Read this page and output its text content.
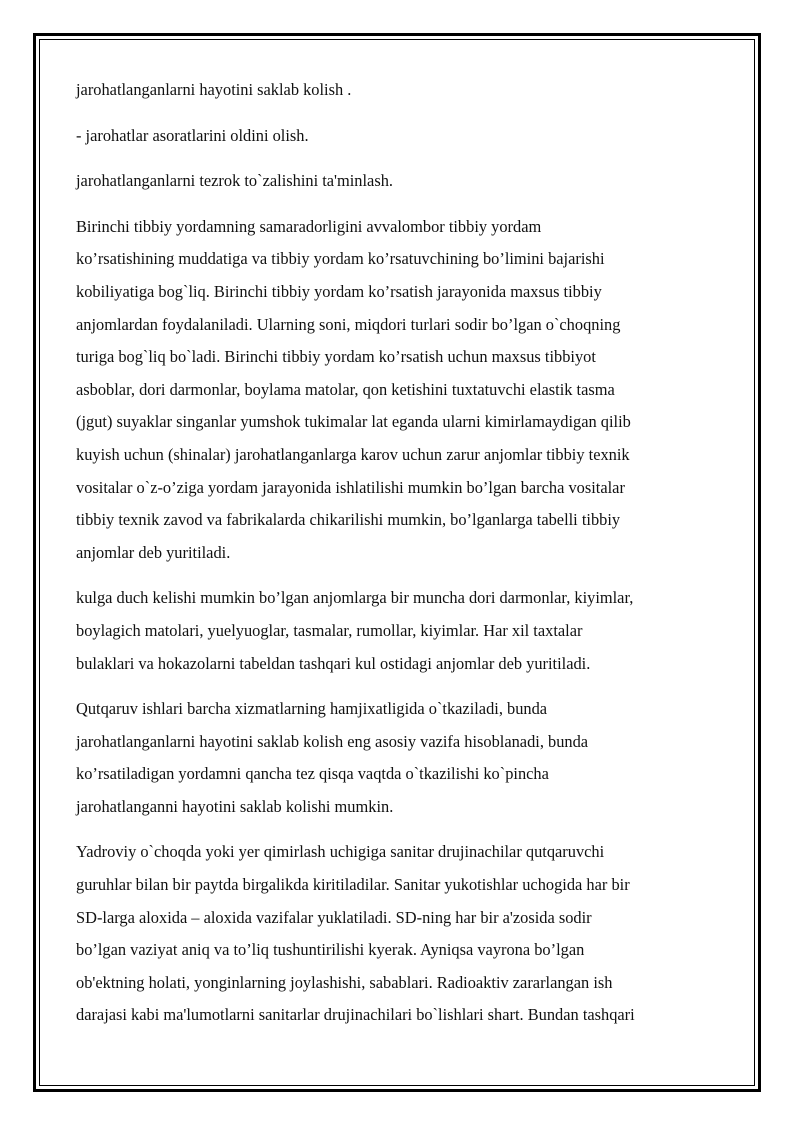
jarohatlanganlarni hayotini saklab kolish .

- jarohatlar asoratlarini oldini olish.

jarohatlanganlarni tezrok to`zalishini ta'minlash.

Birinchi tibbiy yordamning samaradorligini avvalombor tibbiy yordam
ko’rsatishining muddatiga va tibbiy yordam ko’rsatuvchining bo’limini bajarishi
kobiliyatiga bog`liq. Birinchi tibbiy yordam ko’rsatish jarayonida maxsus tibbiy
anjomlardan foydalaniladi. Ularning soni, miqdori turlari sodir bo’lgan o`choqning
turiga bog`liq bo`ladi. Birinchi tibbiy yordam ko’rsatish uchun maxsus tibbiyot
asboblar, dori darmonlar, boylama matolar, qon ketishini tuxtatuvchi elastik tasma
(jgut) suyaklar singanlar yumshok tukimalar lat eganda ularni kimirlamaydigan qilib
kuyish uchun (shinalar) jarohatlanganlarga karov uchun zarur anjomlar tibbiy texnik
vositalar o`z-o’ziga yordam jarayonida ishlatilishi mumkin bo’lgan barcha vositalar
tibbiy texnik zavod va fabrikalarda chikarilishi mumkin, bo’lganlarga tabelli tibbiy
anjomlar deb yuritiladi.

kulga duch kelishi mumkin bo’lgan anjomlarga bir muncha dori darmonlar, kiyimlar,
boylagich matolari, yuelyuoglar, tasmalar, rumollar, kiyimlar. Har xil taxtalar
bulaklari va hokazolarni tabeldan tashqari kul ostidagi anjomlar deb yuritiladi.

Qutqaruv ishlari barcha xizmatlarning hamjixatligida o`tkaziladi, bunda
jarohatlanganlarni hayotini saklab kolish eng asosiy vazifa hisoblanadi, bunda
ko’rsatiladigan yordamni qancha tez qisqa vaqtda o`tkazilishi ko`pincha
jarohatlanganni hayotini saklab kolishi mumkin.

Yadroviy o`choqda yoki yer qimirlash uchigiga sanitar drujinachilar qutqaruvchi
guruhlar bilan bir paytda birgalikda kiritiladilar. Sanitar yukotishlar uchogida har bir
SD-larga aloxida – aloxida vazifalar yuklatiladi. SD-ning har bir a'zosida sodir
bo’lgan vaziyat aniq va to’liq tushuntirilishi kyerak. Ayniqsa vayrona bo’lgan
ob'ektning holati, yonginlarning joylashishi, sabablari. Radioaktiv zararlangan ish
darajasi kabi ma'lumotlarni sanitarlar drujinachilari bo`lishlari shart. Bundan tashqari
